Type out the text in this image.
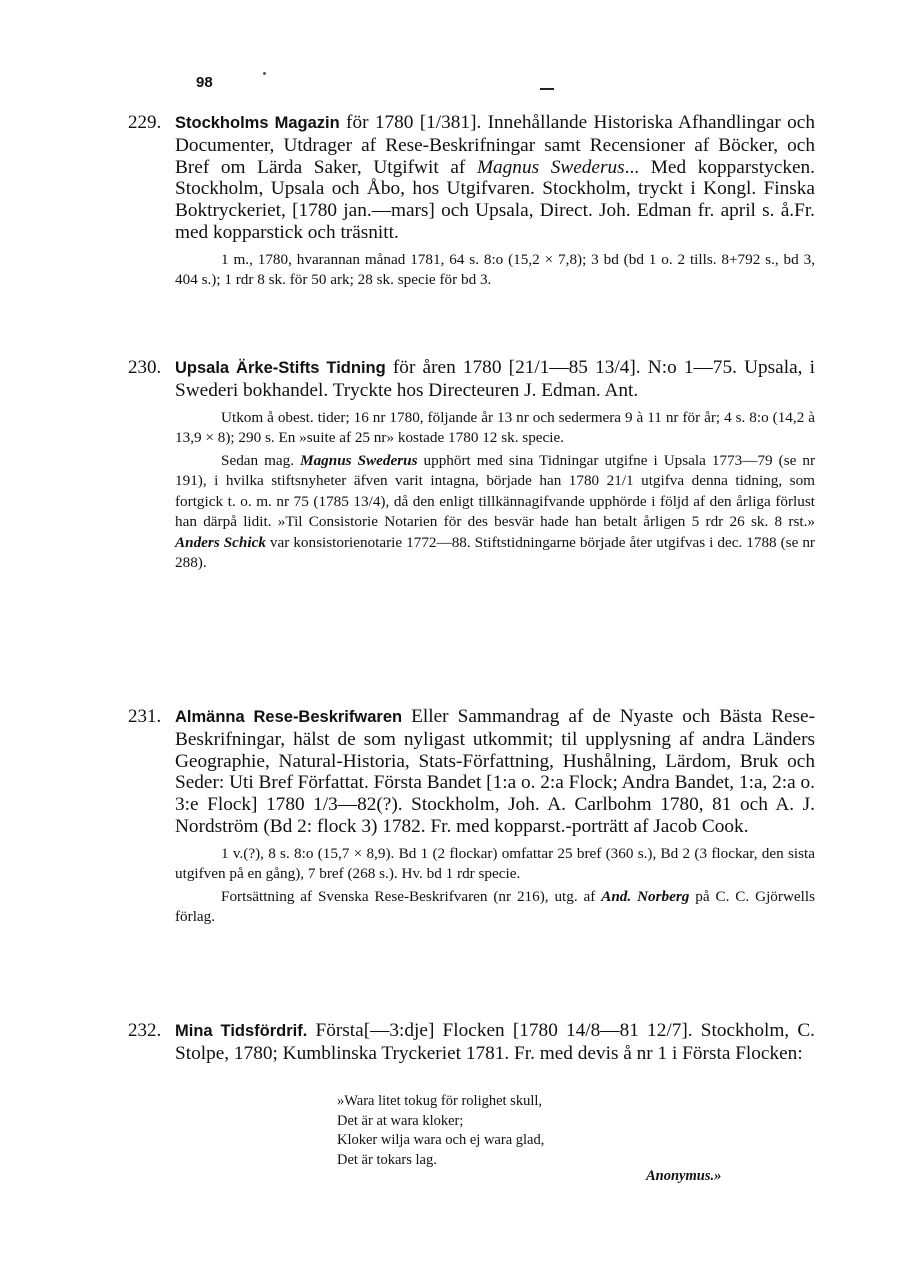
98
229. Stockholms Magazin för 1780 [1/381]. Innehållande Historiska Afhandlingar och Documenter, Utdrager af Rese-Beskrifningar samt Recensioner af Böcker, och Bref om Lärda Saker, Utgifwit af Magnus Swederus... Med kopparstycken. Stockholm, Upsala och Åbo, hos Utgifvaren. Stockholm, tryckt i Kongl. Finska Boktryckeriet, [1780 jan.—mars] och Upsala, Direct. Joh. Edman fr. april s. å.Fr. med kopparstick och träsnitt.

1 m., 1780, hvarannan månad 1781, 64 s. 8:o (15,2 × 7,8); 3 bd (bd 1 o. 2 tills. 8+792 s., bd 3, 404 s.); 1 rdr 8 sk. för 50 ark; 28 sk. specie för bd 3.

230. Upsala Ärke-Stifts Tidning för åren 1780 [21/1—85 13/4]. N:o 1—75. Upsala, i Swederi bokhandel. Tryckte hos Directeuren J. Edman. Ant.

Utkom å obest. tider; 16 nr 1780, följande år 13 nr och sedermera 9 à 11 nr för år; 4 s. 8:o (14,2 à 13,9 × 8); 290 s. En »suite af 25 nr» kostade 1780 12 sk. specie.

Sedan mag. Magnus Swederus upphört med sina Tidningar utgifne i Upsala 1773—79 (se nr 191), i hvilka stiftsnyheter äfven varit intagna, började han 1780 21/1 utgifva denna tidning, som fortgick t. o. m. nr 75 (1785 13/4), då den enligt tillkännagifvande upphörde i följd af den årliga förlust han därpå lidit. »Til Consistorie Notarien för des besvär hade han betalt årligen 5 rdr 26 sk. 8 rst.» Anders Schick var konsistorienotarie 1772—88. Stiftstidningarne började åter utgifvas i dec. 1788 (se nr 288).

231. Almänna Rese-Beskrifwaren Eller Sammandrag af de Nyaste och Bästa Rese-Beskrifningar, hälst de som nyligast utkommit; til upplysning af andra Länders Geographie, Natural-Historia, Stats-Författning, Hushålning, Lärdom, Bruk och Seder: Uti Bref Författat. Första Bandet [1:a o. 2:a Flock; Andra Bandet, 1:a, 2:a o. 3:e Flock] 1780 1/3—82(?). Stockholm, Joh. A. Carlbohm 1780, 81 och A. J. Nordström (Bd 2: flock 3) 1782. Fr. med kopparst.-porträtt af Jacob Cook.

1 v.(?), 8 s. 8:o (15,7 × 8,9). Bd 1 (2 flockar) omfattar 25 bref (360 s.), Bd 2 (3 flockar, den sista utgifven på en gång), 7 bref (268 s.). Hv. bd 1 rdr specie.

Fortsättning af Svenska Rese-Beskrifvaren (nr 216), utg. af And. Norberg på C. C. Gjörwells förlag.

232. Mina Tidsfördrif. Första[—3:dje] Flocken [1780 14/8—81 12/7]. Stockholm, C. Stolpe, 1780; Kumblinska Tryckeriet 1781. Fr. med devis å nr 1 i Första Flocken:

»Wara litet tokug för rolighet skull,
Det är at wara kloker;
Kloker wilja wara och ej wara glad,
Det är tokars lag.
Anonymus.»
